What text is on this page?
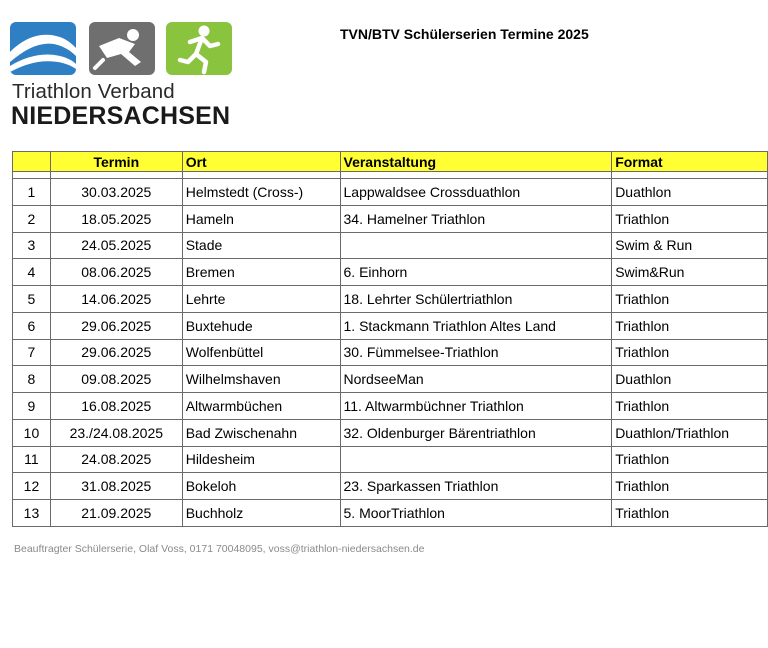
Triathlon Verband
NIEDERSACHSEN
TVN/BTV Schülerserien Termine 2025
	Termin	Ort	Veranstaltung	Format

1	30.03.2025	Helmstedt (Cross-)	Lappwaldsee Crossduathlon	Duathlon
2	18.05.2025	Hameln	34. Hamelner Triathlon	Triathlon
3	24.05.2025	Stade		Swim & Run
4	08.06.2025	Bremen	6. Einhorn	Swim&Run
5	14.06.2025	Lehrte	18. Lehrter Schülertriathlon	Triathlon
6	29.06.2025	Buxtehude	1. Stackmann Triathlon Altes Land	Triathlon
7	29.06.2025	Wolfenbüttel	30. Fümmelsee-Triathlon	Triathlon
8	09.08.2025	Wilhelmshaven	NordseeMan	Duathlon
9	16.08.2025	Altwarmbüchen	11. Altwarmbüchner Triathlon	Triathlon
10	23./24.08.2025	Bad Zwischenahn	32. Oldenburger Bärentriathlon	Duathlon/Triathlon
11	24.08.2025	Hildesheim		Triathlon
12	31.08.2025	Bokeloh	23. Sparkassen Triathlon	Triathlon
13	21.09.2025	Buchholz	5. MoorTriathlon	Triathlon
Beauftragter Schülerserie, Olaf Voss, 0171 70048095, voss@triathlon-niedersachsen.de
